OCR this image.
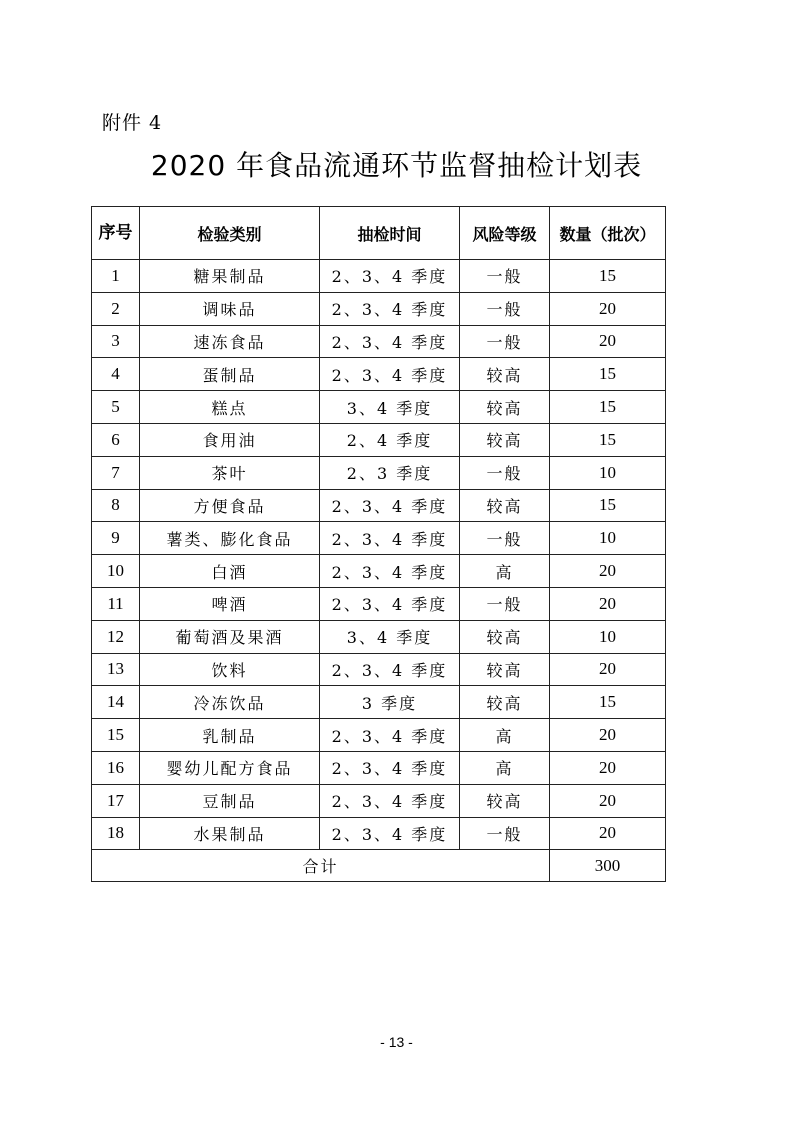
附件 4
2020 年食品流通环节监督抽检计划表
序号	检验类别	抽检时间	风险等级	数量（批次）
1	糖果制品	2、3、4 季度	一般	15
2	调味品	2、3、4 季度	一般	20
3	速冻食品	2、3、4 季度	一般	20
4	蛋制品	2、3、4 季度	较高	15
5	糕点	3、4 季度	较高	15
6	食用油	2、4 季度	较高	15
7	茶叶	2、3 季度	一般	10
8	方便食品	2、3、4 季度	较高	15
9	薯类、膨化食品	2、3、4 季度	一般	10
10	白酒	2、3、4 季度	高	20
11	啤酒	2、3、4 季度	一般	20
12	葡萄酒及果酒	3、4 季度	较高	10
13	饮料	2、3、4 季度	较高	20
14	冷冻饮品	3 季度	较高	15
15	乳制品	2、3、4 季度	高	20
16	婴幼儿配方食品	2、3、4 季度	高	20
17	豆制品	2、3、4 季度	较高	20
18	水果制品	2、3、4 季度	一般	20
合计				300
- 13 -
